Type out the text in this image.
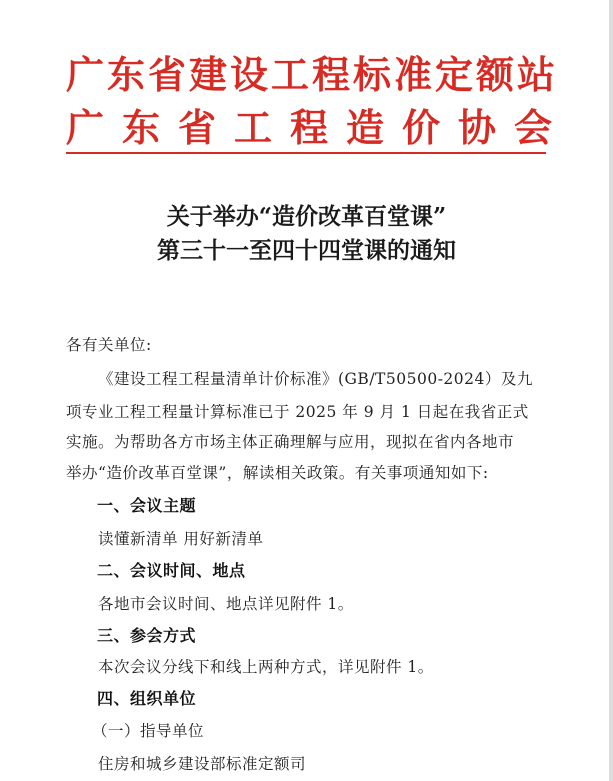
广东省建设工程标准定额站
广东省工程造价协会
关于举办“造价改革百堂课”
第三十一至四十四堂课的通知
各有关单位:
《建设工程工程量清单计价标准》(GB/T50500-2024）及九
项专业工程工程量计算标准已于 2025 年 9 月 1 日起在我省正式
实施。为帮助各方市场主体正确理解与应用，现拟在省内各地市
举办“造价改革百堂课”，解读相关政策。有关事项通知如下:
一、会议主题
读懂新清单 用好新清单
二、会议时间、地点
各地市会议时间、地点详见附件 1。
三、参会方式
本次会议分线下和线上两种方式，详见附件 1。
四、组织单位
（一）指导单位
住房和城乡建设部标准定额司
